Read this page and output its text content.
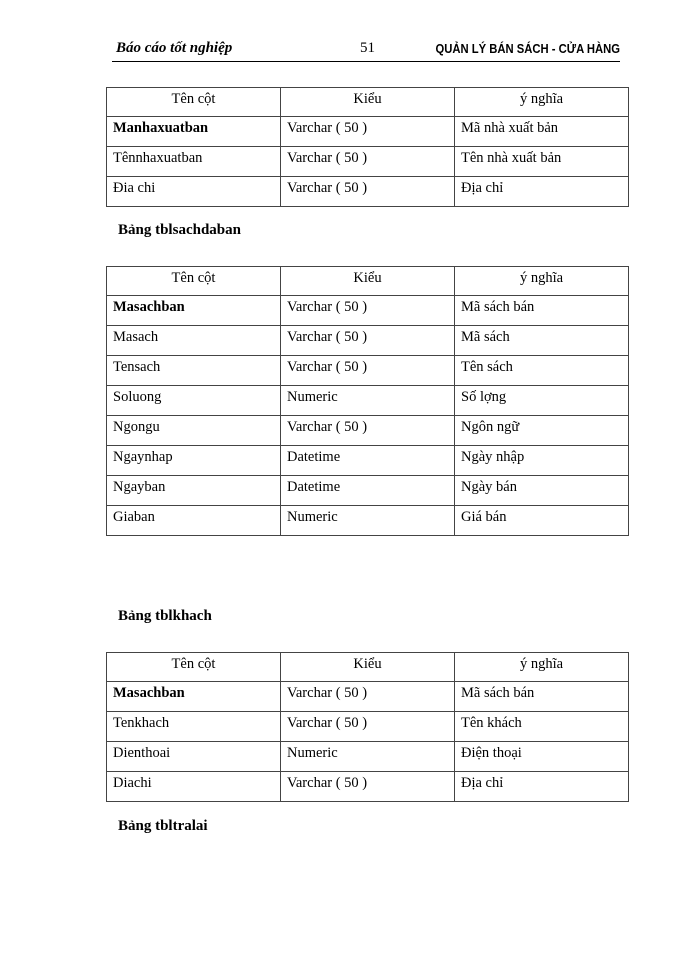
Báo cáo tốt nghiệp	51	QUẢN LÝ BÁN SÁCH - CỬA HÀNG
Tên cột	Kiểu	ý nghĩa
Manhaxuatban	Varchar ( 50 )	Mã nhà xuất bản
Tênnhaxuatban	Varchar ( 50 )	Tên nhà xuất bản
Đia chi	Varchar ( 50 )	Địa chỉ
Bảng tblsachdaban
Tên cột	Kiểu	ý nghĩa
Masachban	Varchar ( 50 )	Mã sách bán
Masach	Varchar ( 50 )	Mã sách
Tensach	Varchar ( 50 )	Tên sách
Soluong	Numeric	Số lợng
Ngongu	Varchar ( 50 )	Ngôn ngữ
Ngaynhap	Datetime	Ngày nhập
Ngayban	Datetime	Ngày bán
Giaban	Numeric	Giá bán
Bảng tblkhach
Tên cột	Kiểu	ý nghĩa
Masachban	Varchar ( 50 )	Mã sách bán
Tenkhach	Varchar ( 50 )	Tên khách
Dienthoai	Numeric	Điện thoại
Diachi	Varchar ( 50 )	Địa chỉ
Bảng tbltralai
